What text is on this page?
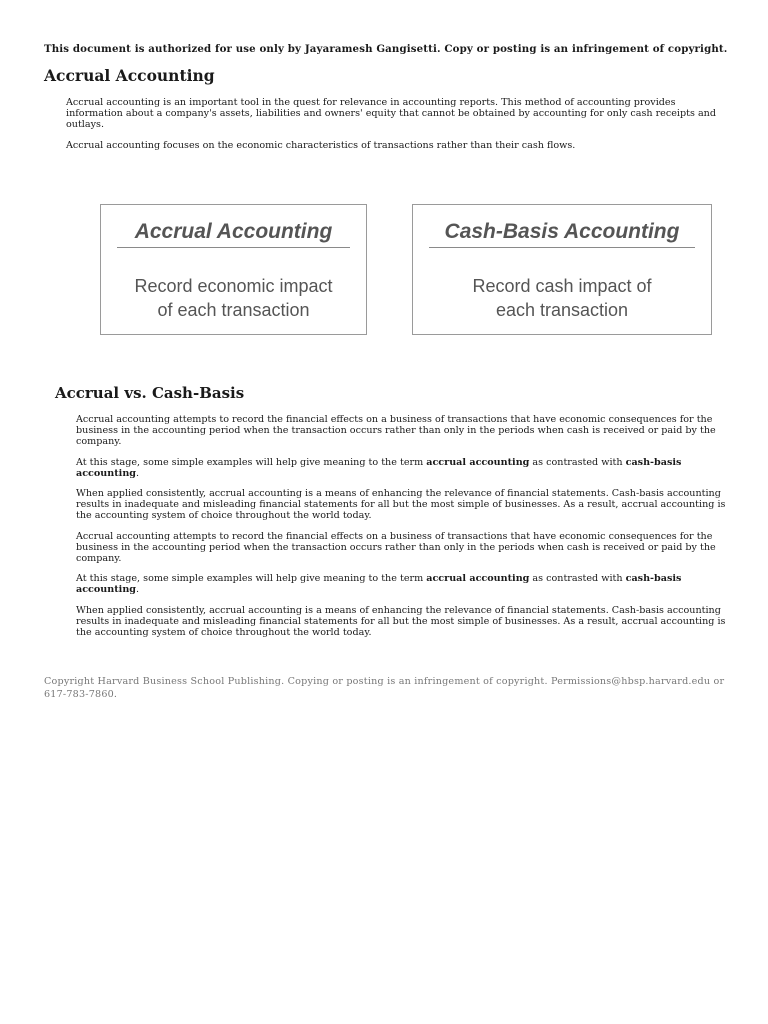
This document is authorized for use only by Jayaramesh Gangisetti. Copy or posting is an infringement of copyright.
Accrual Accounting

Accrual accounting is an important tool in the quest for relevance in accounting reports. This method of accounting provides information about a company's assets, liabilities and owners' equity that cannot be obtained by accounting for only cash receipts and outlays.

Accrual accounting focuses on the economic characteristics of transactions rather than their cash flows.

Accrual Accounting
Record economic impact
of each transaction
Cash-Basis Accounting
Record cash impact of
each transaction
Accrual vs. Cash-Basis

Accrual accounting attempts to record the financial effects on a business of transactions that have economic consequences for the business in the accounting period when the transaction occurs rather than only in the periods when cash is received or paid by the company.

At this stage, some simple examples will help give meaning to the term accrual accounting as contrasted with cash-basis accounting.

When applied consistently, accrual accounting is a means of enhancing the relevance of financial statements. Cash-basis accounting results in inadequate and misleading financial statements for all but the most simple of businesses. As a result, accrual accounting is the accounting system of choice throughout the world today.

Accrual accounting attempts to record the financial effects on a business of transactions that have economic consequences for the business in the accounting period when the transaction occurs rather than only in the periods when cash is received or paid by the company.

At this stage, some simple examples will help give meaning to the term accrual accounting as contrasted with cash-basis accounting.

When applied consistently, accrual accounting is a means of enhancing the relevance of financial statements. Cash-basis accounting results in inadequate and misleading financial statements for all but the most simple of businesses. As a result, accrual accounting is the accounting system of choice throughout the world today.

Copyright Harvard Business School Publishing. Copying or posting is an infringement of copyright. Permissions@hbsp.harvard.edu or 617-783-7860.
